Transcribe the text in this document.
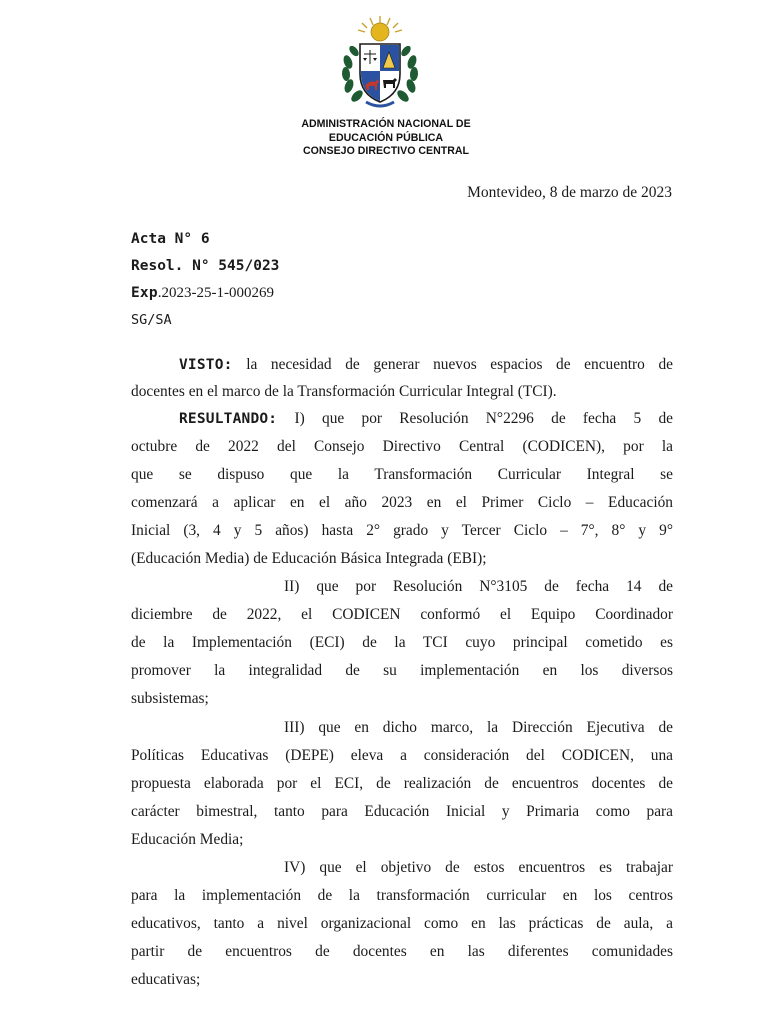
ADMINISTRACIÓN NACIONAL DE
EDUCACIÓN PÚBLICA
CONSEJO DIRECTIVO CENTRAL
Montevideo, 8 de marzo de 2023
Acta N° 6
Resol. N° 545/023
Exp.2023-25-1-000269
SG/SA
VISTO: la necesidad de generar nuevos espacios de encuentro de
docentes en el marco de la Transformación Curricular Integral (TCI).
RESULTANDO: I) que por Resolución N°2296 de fecha 5 de
octubre de 2022 del Consejo Directivo Central (CODICEN), por la
que se dispuso que la Transformación Curricular Integral se
comenzará a aplicar en el año 2023 en el Primer Ciclo – Educación
Inicial (3, 4 y 5 años) hasta 2° grado y Tercer Ciclo – 7°, 8° y 9°
(Educación Media) de Educación Básica Integrada (EBI);
II) que por Resolución N°3105 de fecha 14 de
diciembre de 2022, el CODICEN conformó el Equipo Coordinador
de la Implementación (ECI) de la TCI cuyo principal cometido es
promover la integralidad de su implementación en los diversos
subsistemas;
III) que en dicho marco, la Dirección Ejecutiva de
Políticas Educativas (DEPE) eleva a consideración del CODICEN, una
propuesta elaborada por el ECI, de realización de encuentros docentes de
carácter bimestral, tanto para Educación Inicial y Primaria como para
Educación Media;
IV) que el objetivo de estos encuentros es trabajar
para la implementación de la transformación curricular en los centros
educativos, tanto a nivel organizacional como en las prácticas de aula, a
partir de encuentros de docentes en las diferentes comunidades
educativas;
